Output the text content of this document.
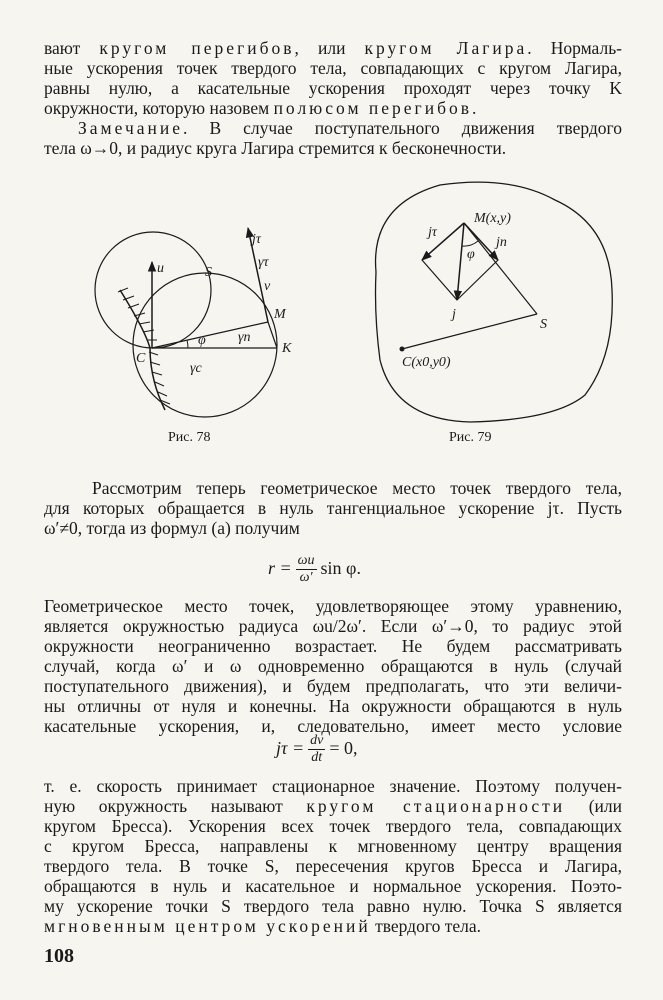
вают кругом перегибов, или кругом Лагира. Нормаль-
ные ускорения точек твердого тела, совпадающих с кругом Лагира,
равны нулю, а касательные ускорения проходят через точку K
окружности, которую назовем полюсом перегибов.
Замечание. В случае поступательного движения твердого
тела ω→0, и радиус круга Лагира стремится к бесконечности.
u	S
jτ
γτ
v
M
φ γn
C
K
γc
jτ
M(x,y)
jn
φ
j
S
C(x0,y0)
Рис. 78	Рис. 79
Рассмотрим теперь геометрическое место точек твердого тела,
для которых обращается в нуль тангенциальное ускорение jτ. Пусть
ω′≠0, тогда из формул (а) получим
$r = \frac{\omega u}{\omega'}$ sin φ.
Геометрическое место точек, удовлетворяющее этому уравнению,
является окружностью радиуса ωu/2ω′. Если ω′→0, то радиус этой
окружности неограниченно возрастает. Не будем рассматривать
случай, когда ω′ и ω одновременно обращаются в нуль (случай
поступательного движения), и будем предполагать, что эти величи-
ны отличны от нуля и конечны. На окружности обращаются в нуль
касательные ускорения, и, следовательно, имеет место условие
$j\tau = \frac{dv}{dt} = 0$,
т. е. скорость принимает стационарное значение. Поэтому получен-
ную окружность называют кругом стационарности (или
кругом Бресса). Ускорения всех точек твердого тела, совпадающих
с кругом Бресса, направлены к мгновенному центру вращения
твердого тела. В точке S, пересечения кругов Бресса и Лагира,
обращаются в нуль и касательное и нормальное ускорения. Поэто-
му ускорение точки S твердого тела равно нулю. Точка S является
мгновенным центром ускорений твердого тела.
108
